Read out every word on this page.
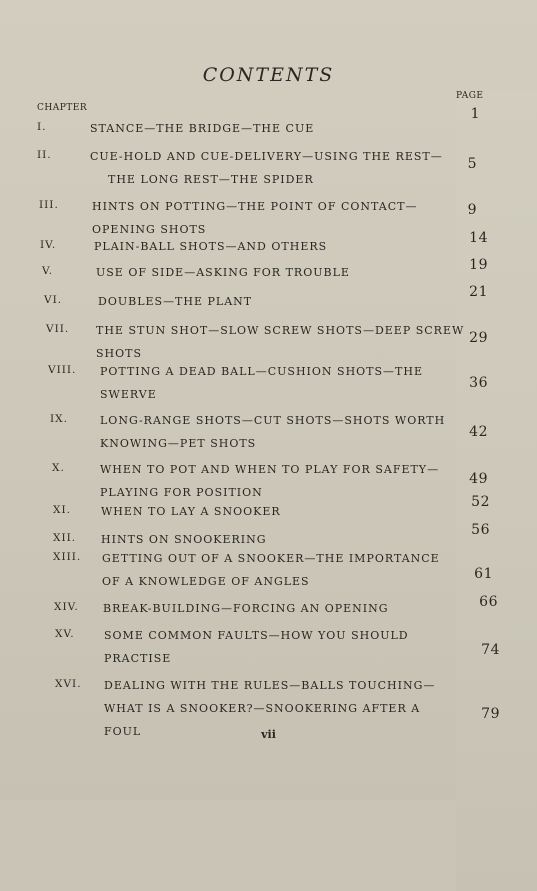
CONTENTS
PAGE
CHAPTER
I.	STANCE—THE BRIDGE—THE CUE
1
II.	CUE-HOLD AND CUE-DELIVERY—USING THE REST—
THE LONG REST—THE SPIDER
5
III.	HINTS ON POTTING—THE POINT OF CONTACT—
OPENING SHOTS
9
IV.	PLAIN-BALL SHOTS—AND OTHERS
14
V.	USE OF SIDE—ASKING FOR TROUBLE	19
VI.	DOUBLES—THE PLANT
21
VII.	THE STUN SHOT—SLOW SCREW SHOTS—DEEP SCREW
SHOTS
29
VIII.	POTTING A DEAD BALL—CUSHION SHOTS—THE
SWERVE
36
IX.	LONG-RANGE SHOTS—CUT SHOTS—SHOTS WORTH
KNOWING—PET SHOTS
42
X.	WHEN TO POT AND WHEN TO PLAY FOR SAFETY—
PLAYING FOR POSITION
49
XI.	WHEN TO LAY A SNOOKER
52
XII.	HINTS ON SNOOKERING
56
XIII.	GETTING OUT OF A SNOOKER—THE IMPORTANCE
OF A KNOWLEDGE OF ANGLES	61
XIV.	BREAK-BUILDING—FORCING AN OPENING	66
XV.	SOME COMMON FAULTS—HOW YOU SHOULD
PRACTISE
74
XVI.	DEALING WITH THE RULES—BALLS TOUCHING—
WHAT IS A SNOOKER?—SNOOKERING AFTER A
FOUL
79
vii
